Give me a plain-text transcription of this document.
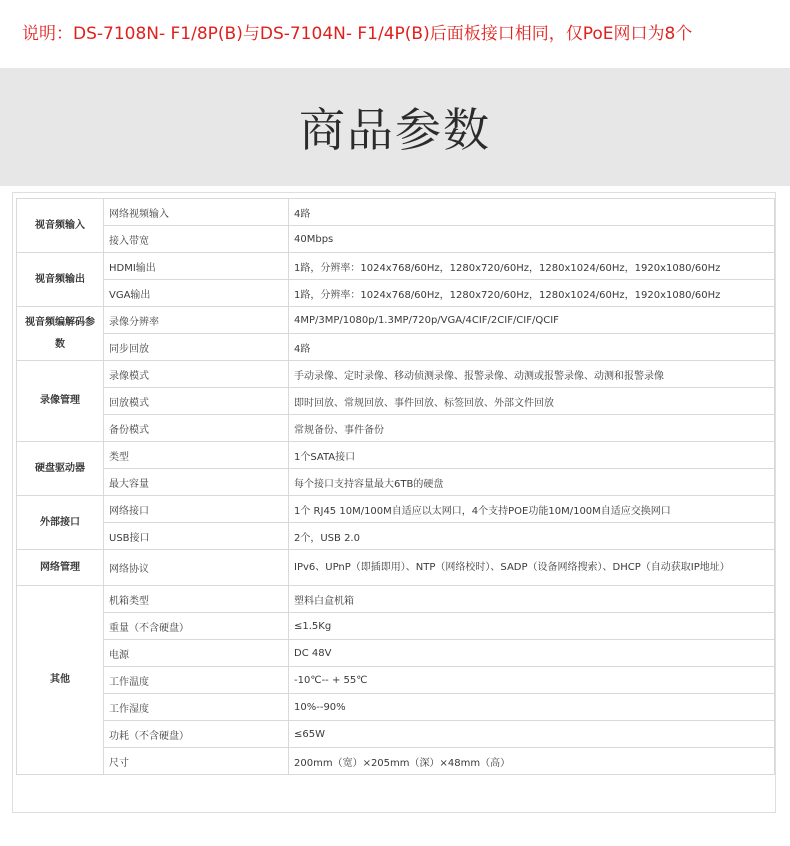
说明：DS-7108N- F1/8P(B)与DS-7104N- F1/4P(B)后面板接口相同，仅PoE网口为8个
商品参数
视音频输入	网络视频输入	4路
	接入带宽	40Mbps
视音频输出	HDMI输出	1路，分辨率：1024x768/60Hz，1280x720/60Hz，1280x1024/60Hz，1920x1080/60Hz
	VGA输出	1路，分辨率：1024x768/60Hz，1280x720/60Hz，1280x1024/60Hz，1920x1080/60Hz
视音频编解码参数	录像分辨率	4MP/3MP/1080p/1.3MP/720p/VGA/4CIF/2CIF/CIF/QCIF
	同步回放	4路
录像管理	录像模式	手动录像、定时录像、移动侦测录像、报警录像、动测或报警录像、动测和报警录像
	回放模式	即时回放、常规回放、事件回放、标签回放、外部文件回放
	备份模式	常规备份、事件备份
硬盘驱动器	类型	1个SATA接口
	最大容量	每个接口支持容量最大6TB的硬盘
外部接口	网络接口	1个 RJ45 10M/100M自适应以太网口，4个支持POE功能10M/100M自适应交换网口
	USB接口	2个，USB 2.0
网络管理	网络协议	IPv6、UPnP（即插即用）、NTP（网络校时）、SADP（设备网络搜索）、DHCP（自动获取IP地址）
其他	机箱类型	塑料白盒机箱
	重量（不含硬盘）	≤1.5Kg
	电源	DC 48V
	工作温度	-10℃-- + 55℃
	工作湿度	10%--90%
	功耗（不含硬盘）	≤65W
	尺寸	200mm（宽）×205mm（深）×48mm（高）
